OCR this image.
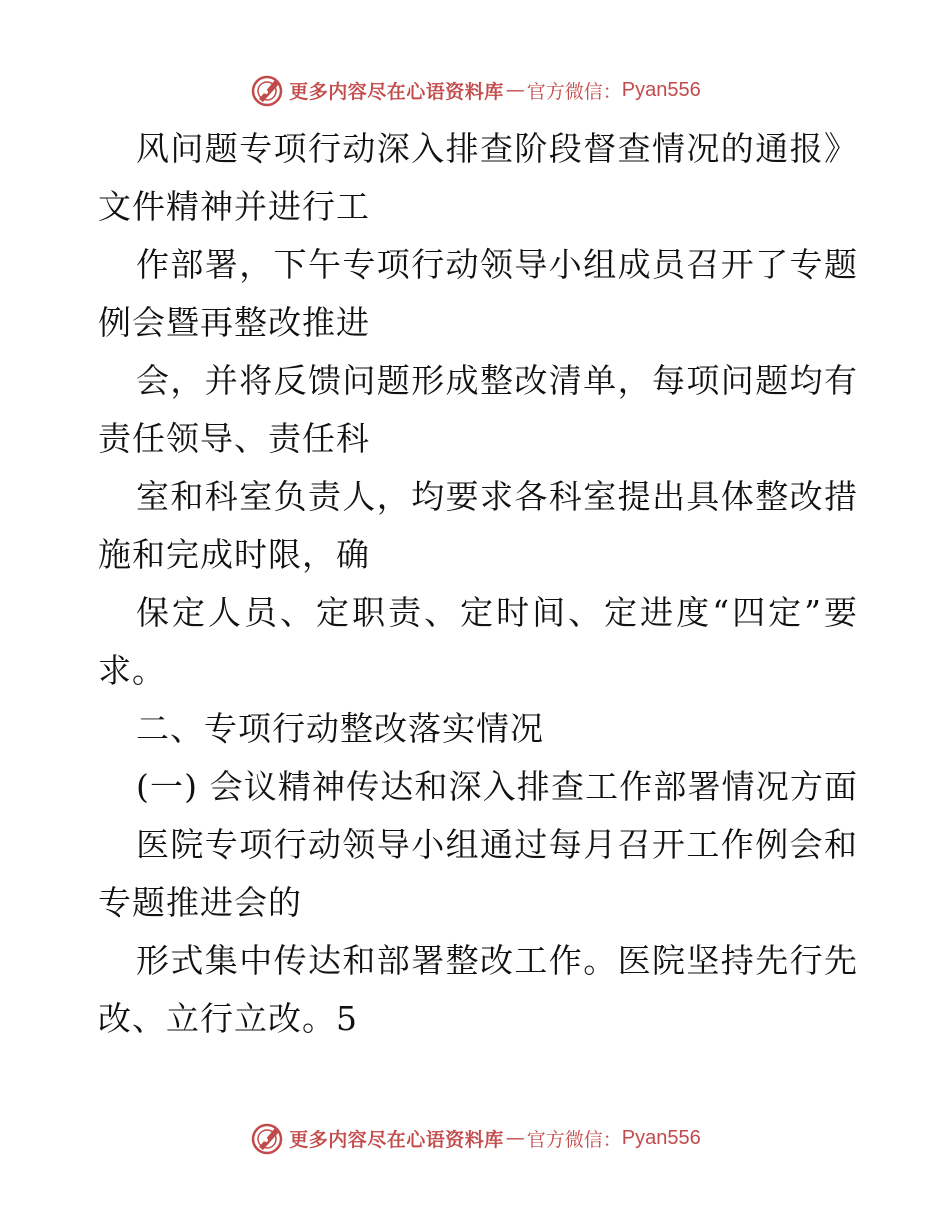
更多内容尽在心语资料库 — 官方微信： Pyan556
风问题专项行动深入排查阶段督查情况的通报》
文件精神并进行工
作部署，下午专项行动领导小组成员召开了专题
例会暨再整改推进
会，并将反馈问题形成整改清单，每项问题均有
责任领导、责任科
室和科室负责人，均要求各科室提出具体整改措
施和完成时限，确
保定人员、定职责、定时间、定进度“四定”要
求。
二、专项行动整改落实情况
(一) 会议精神传达和深入排查工作部署情况方面
医院专项行动领导小组通过每月召开工作例会和
专题推进会的
形式集中传达和部署整改工作。医院坚持先行先
改、立行立改。5
更多内容尽在心语资料库 — 官方微信： Pyan556
